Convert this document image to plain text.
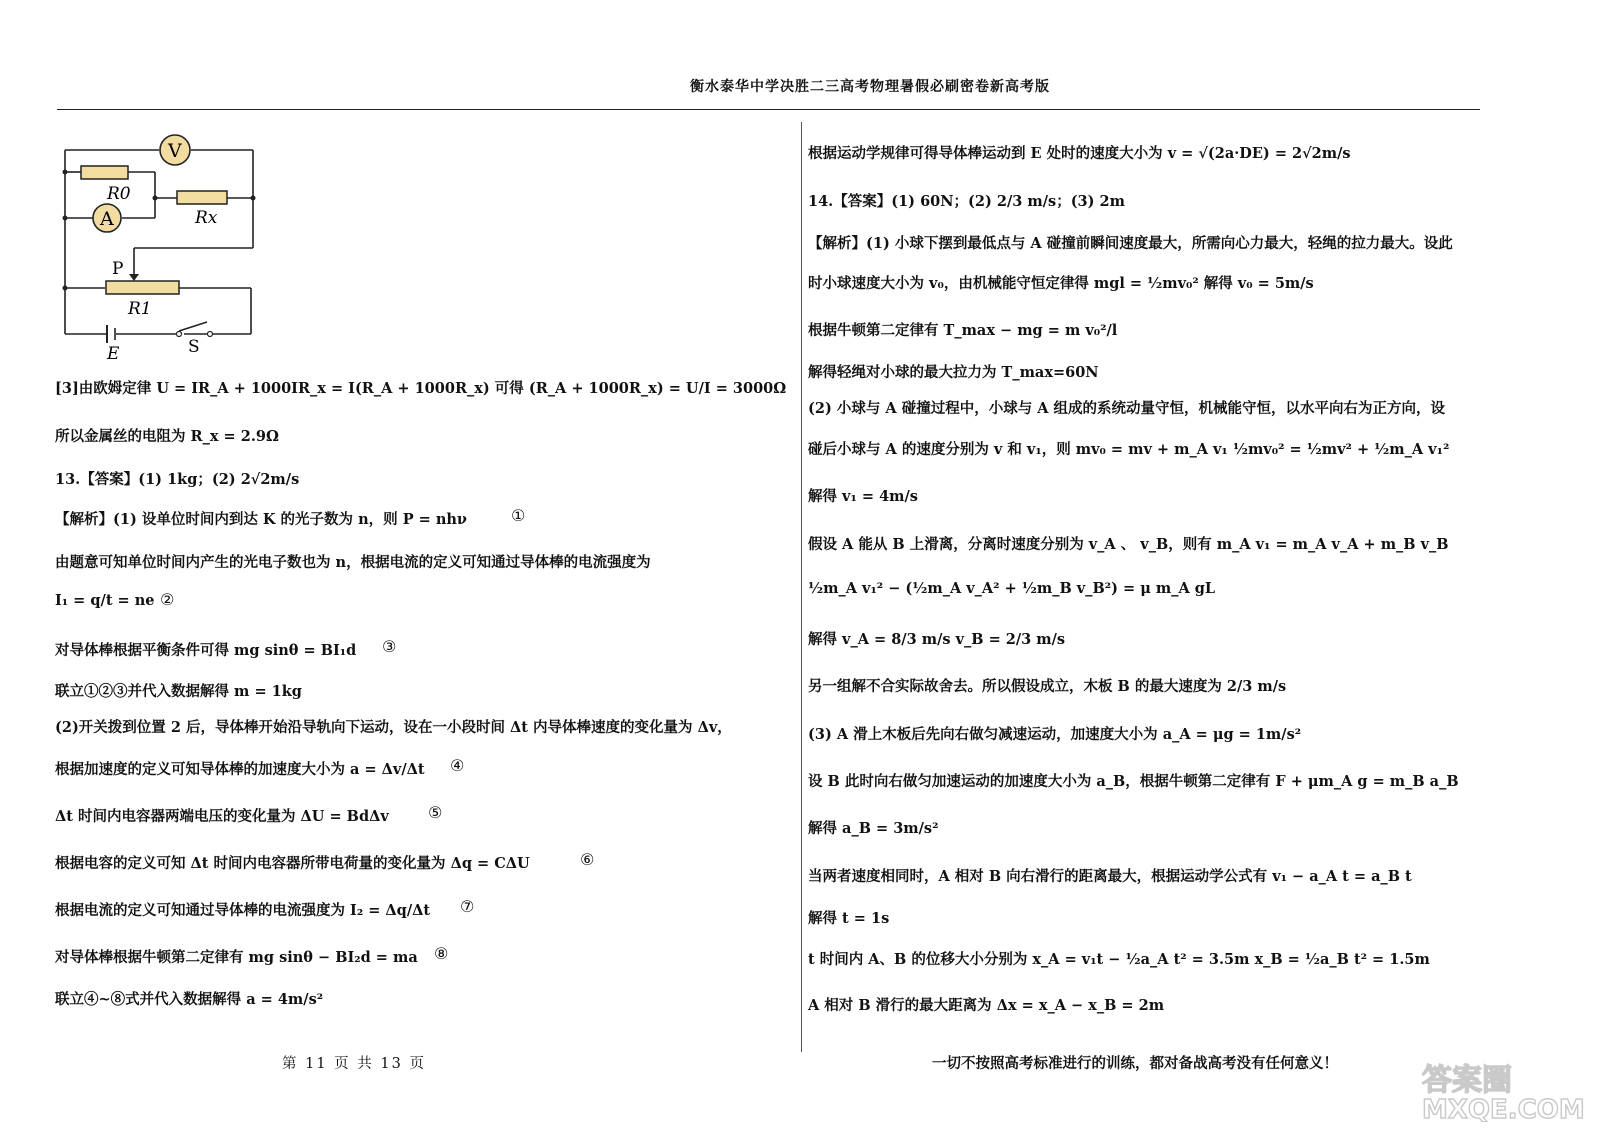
衡水泰华中学决胜二三高考物理暑假必刷密卷新高考版
V
A
R0
Rx
P
R1
E	S
[3]由欧姆定律 U = IR_A + 1000IR_x = I(R_A + 1000R_x) 可得 (R_A + 1000R_x) = U/I = 3000Ω
所以金属丝的电阻为 R_x = 2.9Ω
13.【答案】(1) 1kg；(2) 2√2m/s
【解析】(1) 设单位时间内到达 K 的光子数为 n，则 P = nhν	①
由题意可知单位时间内产生的光电子数也为 n，根据电流的定义可知通过导体棒的电流强度为
I₁ = q/t = ne ②
对导体棒根据平衡条件可得 mg sinθ = BI₁d ③
联立①②③并代入数据解得 m = 1kg
(2)开关拨到位置 2 后，导体棒开始沿导轨向下运动，设在一小段时间 Δt 内导体棒速度的变化量为 Δv，
根据加速度的定义可知导体棒的加速度大小为 a = Δv/Δt ④
Δt 时间内电容器两端电压的变化量为 ΔU = BdΔv ⑤
根据电容的定义可知 Δt 时间内电容器所带电荷量的变化量为 Δq = CΔU	⑥
根据电流的定义可知通过导体棒的电流强度为 I₂ = Δq/Δt ⑦
对导体棒根据牛顿第二定律有 mg sinθ − BI₂d = ma ⑧
联立④~⑧式并代入数据解得 a = 4m/s²
根据运动学规律可得导体棒运动到 E 处时的速度大小为 v = √(2a·DE) = 2√2m/s
14.【答案】(1) 60N；(2) 2/3 m/s；(3) 2m
【解析】(1) 小球下摆到最低点与 A 碰撞前瞬间速度最大，所需向心力最大，轻绳的拉力最大。设此
时小球速度大小为 v₀，由机械能守恒定律得 mgl = ½mv₀² 解得 v₀ = 5m/s
根据牛顿第二定律有 T_max − mg = m v₀²/l
解得轻绳对小球的最大拉力为 T_max=60N
(2) 小球与 A 碰撞过程中，小球与 A 组成的系统动量守恒，机械能守恒，以水平向右为正方向，设
碰后小球与 A 的速度分别为 v 和 v₁，则 mv₀ = mv + m_A v₁ ½mv₀² = ½mv² + ½m_A v₁²
解得 v₁ = 4m/s
假设 A 能从 B 上滑离，分离时速度分别为 v_A 、 v_B，则有 m_A v₁ = m_A v_A + m_B v_B
½m_A v₁² − (½m_A v_A² + ½m_B v_B²) = μ m_A gL
解得 v_A = 8/3 m/s v_B = 2/3 m/s
另一组解不合实际故舍去。所以假设成立，木板 B 的最大速度为 2/3 m/s
(3) A 滑上木板后先向右做匀减速运动，加速度大小为 a_A = μg = 1m/s²
设 B 此时向右做匀加速运动的加速度大小为 a_B，根据牛顿第二定律有 F + μm_A g = m_B a_B
解得 a_B = 3m/s²
当两者速度相同时，A 相对 B 向右滑行的距离最大，根据运动学公式有 v₁ − a_A t = a_B t
解得 t = 1s
t 时间内 A、B 的位移大小分别为 x_A = v₁t − ½a_A t² = 3.5m x_B = ½a_B t² = 1.5m
A 相对 B 滑行的最大距离为 Δx = x_A − x_B = 2m
第 11 页 共 13 页	一切不按照高考标准进行的训练，都对备战高考没有任何意义！	答案圈
MXQE.COM
